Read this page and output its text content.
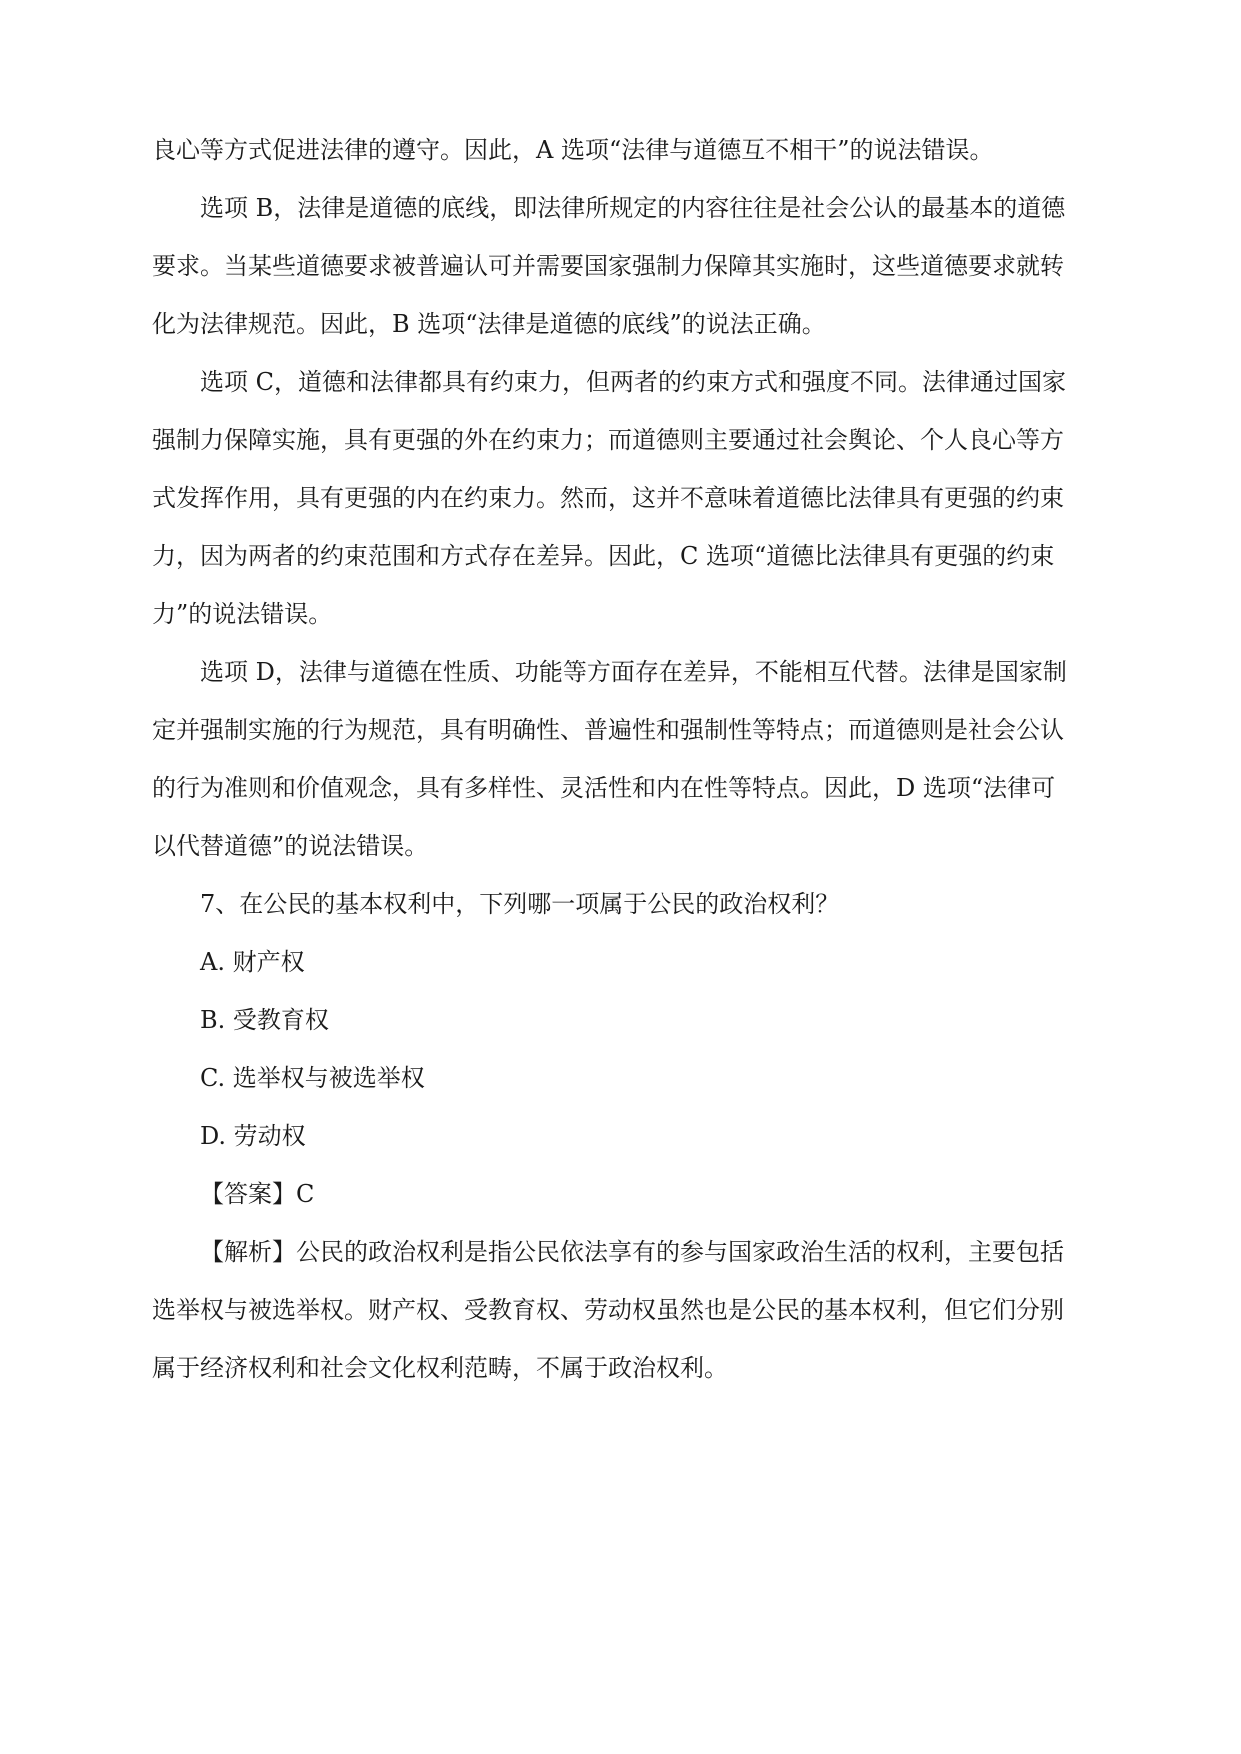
良心等方式促进法律的遵守。因此，A 选项“法律与道德互不相干”的说法错误。
选项 B，法律是道德的底线，即法律所规定的内容往往是社会公认的最基本的道德
要求。当某些道德要求被普遍认可并需要国家强制力保障其实施时，这些道德要求就转
化为法律规范。因此，B 选项“法律是道德的底线”的说法正确。
选项 C，道德和法律都具有约束力，但两者的约束方式和强度不同。法律通过国家
强制力保障实施，具有更强的外在约束力；而道德则主要通过社会舆论、个人良心等方
式发挥作用，具有更强的内在约束力。然而，这并不意味着道德比法律具有更强的约束
力，因为两者的约束范围和方式存在差异。因此，C 选项“道德比法律具有更强的约束
力”的说法错误。
选项 D，法律与道德在性质、功能等方面存在差异，不能相互代替。法律是国家制
定并强制实施的行为规范，具有明确性、普遍性和强制性等特点；而道德则是社会公认
的行为准则和价值观念，具有多样性、灵活性和内在性等特点。因此，D 选项“法律可
以代替道德”的说法错误。
7、在公民的基本权利中，下列哪一项属于公民的政治权利？
A. 财产权
B. 受教育权
C. 选举权与被选举权
D. 劳动权
【答案】C
【解析】公民的政治权利是指公民依法享有的参与国家政治生活的权利，主要包括
选举权与被选举权。财产权、受教育权、劳动权虽然也是公民的基本权利，但它们分别
属于经济权利和社会文化权利范畴，不属于政治权利。
